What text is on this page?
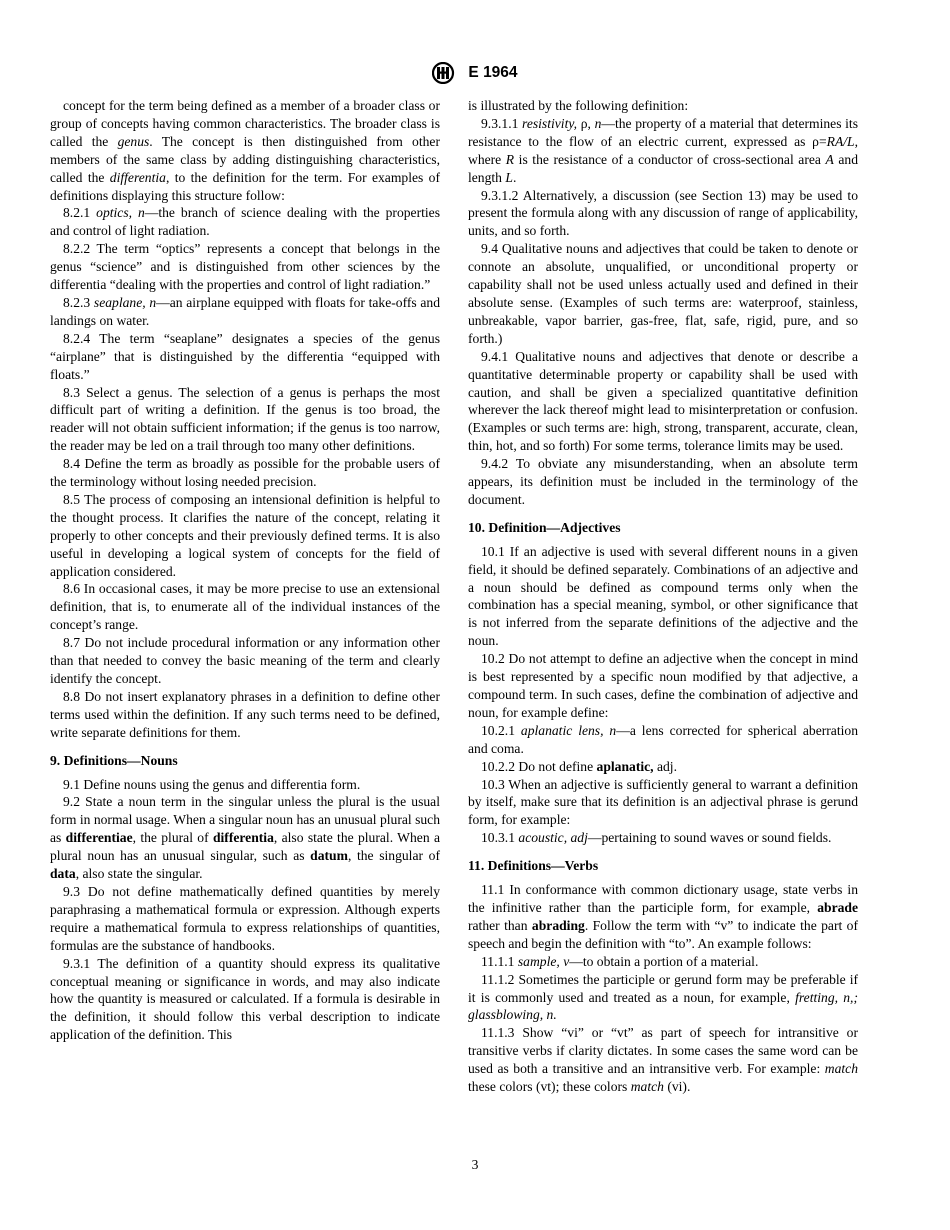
E 1964

concept for the term being defined as a member of a broader class or group of concepts having common characteristics. The broader class is called the genus. The concept is then distinguished from other members of the same class by adding distinguishing characteristics, called the differentia, to the definition for the term. For examples of definitions displaying this structure follow:

8.2.1 optics, n—the branch of science dealing with the properties and control of light radiation.

8.2.2 The term “optics” represents a concept that belongs in the genus “science” and is distinguished from other sciences by the differentia “dealing with the properties and control of light radiation.”

8.2.3 seaplane, n—an airplane equipped with floats for take-offs and landings on water.

8.2.4 The term “seaplane” designates a species of the genus “airplane” that is distinguished by the differentia “equipped with floats.”

8.3 Select a genus. The selection of a genus is perhaps the most difficult part of writing a definition. If the genus is too broad, the reader will not obtain sufficient information; if the genus is too narrow, the reader may be led on a trail through too many other definitions.

8.4 Define the term as broadly as possible for the probable users of the terminology without losing needed precision.

8.5 The process of composing an intensional definition is helpful to the thought process. It clarifies the nature of the concept, relating it properly to other concepts and their previously defined terms. It is also useful in developing a logical system of concepts for the field of application considered.

8.6 In occasional cases, it may be more precise to use an extensional definition, that is, to enumerate all of the individual instances of the concept’s range.

8.7 Do not include procedural information or any information other than that needed to convey the basic meaning of the term and clearly identify the concept.

8.8 Do not insert explanatory phrases in a definition to define other terms used within the definition. If any such terms need to be defined, write separate definitions for them.

9. Definitions—Nouns

9.1 Define nouns using the genus and differentia form.

9.2 State a noun term in the singular unless the plural is the usual form in normal usage. When a singular noun has an unusual plural such as differentiae, the plural of differentia, also state the plural. When a plural noun has an unusual singular, such as datum, the singular of data, also state the singular.

9.3 Do not define mathematically defined quantities by merely paraphrasing a mathematical formula or expression. Although experts require a mathematical formula to express relationships of quantities, formulas are the substance of handbooks.

9.3.1 The definition of a quantity should express its qualitative conceptual meaning or significance in words, and may also indicate how the quantity is measured or calculated. If a formula is desirable in the definition, it should follow this verbal description to indicate application of the definition. This

is illustrated by the following definition:

9.3.1.1 resistivity, ρ, n—the property of a material that determines its resistance to the flow of an electric current, expressed as ρ=RA/L, where R is the resistance of a conductor of cross-sectional area A and length L.

9.3.1.2 Alternatively, a discussion (see Section 13) may be used to present the formula along with any discussion of range of applicability, units, and so forth.

9.4 Qualitative nouns and adjectives that could be taken to denote or connote an absolute, unqualified, or unconditional property or capability shall not be used unless actually used and defined in their absolute sense. (Examples of such terms are: waterproof, stainless, unbreakable, vapor barrier, gas-free, flat, safe, rigid, pure, and so forth.)

9.4.1 Qualitative nouns and adjectives that denote or describe a quantitative determinable property or capability shall be used with caution, and shall be given a specialized quantitative definition wherever the lack thereof might lead to misinterpretation or confusion. (Examples or such terms are: high, strong, transparent, accurate, clean, thin, hot, and so forth) For some terms, tolerance limits may be used.

9.4.2 To obviate any misunderstanding, when an absolute term appears, its definition must be included in the terminology of the document.

10. Definition—Adjectives

10.1 If an adjective is used with several different nouns in a given field, it should be defined separately. Combinations of an adjective and a noun should be defined as compound terms only when the combination has a special meaning, symbol, or other significance that is not inferred from the separate definitions of the adjective and the noun.

10.2 Do not attempt to define an adjective when the concept in mind is best represented by a specific noun modified by that adjective, a compound term. In such cases, define the combination of adjective and noun, for example define:

10.2.1 aplanatic lens, n—a lens corrected for spherical aberration and coma.

10.2.2 Do not define aplanatic, adj.

10.3 When an adjective is sufficiently general to warrant a definition by itself, make sure that its definition is an adjectival phrase is gerund form, for example:

10.3.1 acoustic, adj—pertaining to sound waves or sound fields.

11. Definitions—Verbs

11.1 In conformance with common dictionary usage, state verbs in the infinitive rather than the participle form, for example, abrade rather than abrading. Follow the term with “v” to indicate the part of speech and begin the definition with “to”. An example follows:

11.1.1 sample, v—to obtain a portion of a material.

11.1.2 Sometimes the participle or gerund form may be preferable if it is commonly used and treated as a noun, for example, fretting, n,; glassblowing, n.

11.1.3 Show “vi” or “vt” as part of speech for intransitive or transitive verbs if clarity dictates. In some cases the same word can be used as both a transitive and an intransitive verb. For example: match these colors (vt); these colors match (vi).

3
